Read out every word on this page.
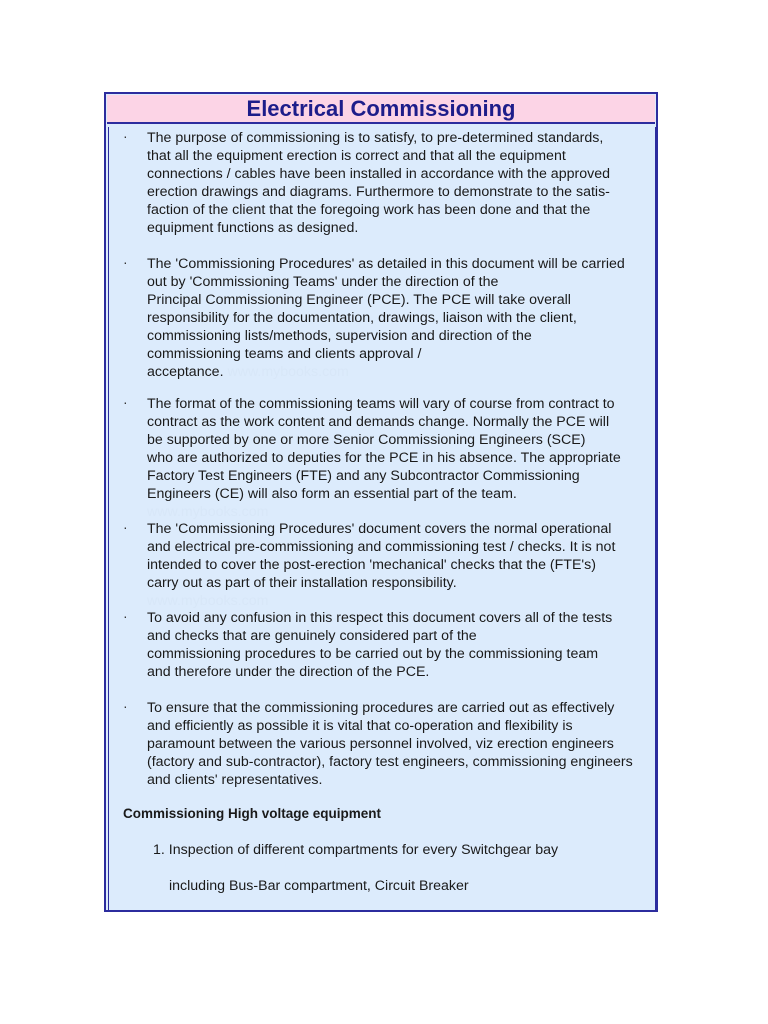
Electrical Commissioning
· The purpose of commissioning is to satisfy, to pre-determined standards,
that all the equipment erection is correct and that all the equipment
connections / cables have been installed in accordance with the approved
erection drawings and diagrams. Furthermore to demonstrate to the satis-
faction of the client that the foregoing work has been done and that the
equipment functions as designed.
· The 'Commissioning Procedures' as detailed in this document will be carried
out by 'Commissioning Teams' under the direction of the
Principal Commissioning Engineer (PCE). The PCE will take overall
responsibility for the documentation, drawings, liaison with the client,
commissioning lists/methods, supervision and direction of the
commissioning teams and clients approval /
acceptance. www.mybooks.com
· The format of the commissioning teams will vary of course from contract to
contract as the work content and demands change. Normally the PCE will
be supported by one or more Senior Commissioning Engineers (SCE)
who are authorized to deputies for the PCE in his absence. The appropriate
Factory Test Engineers (FTE) and any Subcontractor Commissioning
Engineers (CE) will also form an essential part of the team.
www.mybooks.com
· The 'Commissioning Procedures' document covers the normal operational
and electrical pre-commissioning and commissioning test / checks. It is not
intended to cover the post-erection 'mechanical' checks that the (FTE's)
carry out as part of their installation responsibility.
www.mybooks.com
· To avoid any confusion in this respect this document covers all of the tests
and checks that are genuinely considered part of the
commissioning procedures to be carried out by the commissioning team
and therefore under the direction of the PCE.
· To ensure that the commissioning procedures are carried out as effectively
and efficiently as possible it is vital that co-operation and flexibility is
paramount between the various personnel involved, viz erection engineers
(factory and sub-contractor), factory test engineers, commissioning engineers
and clients' representatives.
Commissioning High voltage equipment
1. Inspection of different compartments for every Switchgear bay
including Bus-Bar compartment, Circuit Breaker
